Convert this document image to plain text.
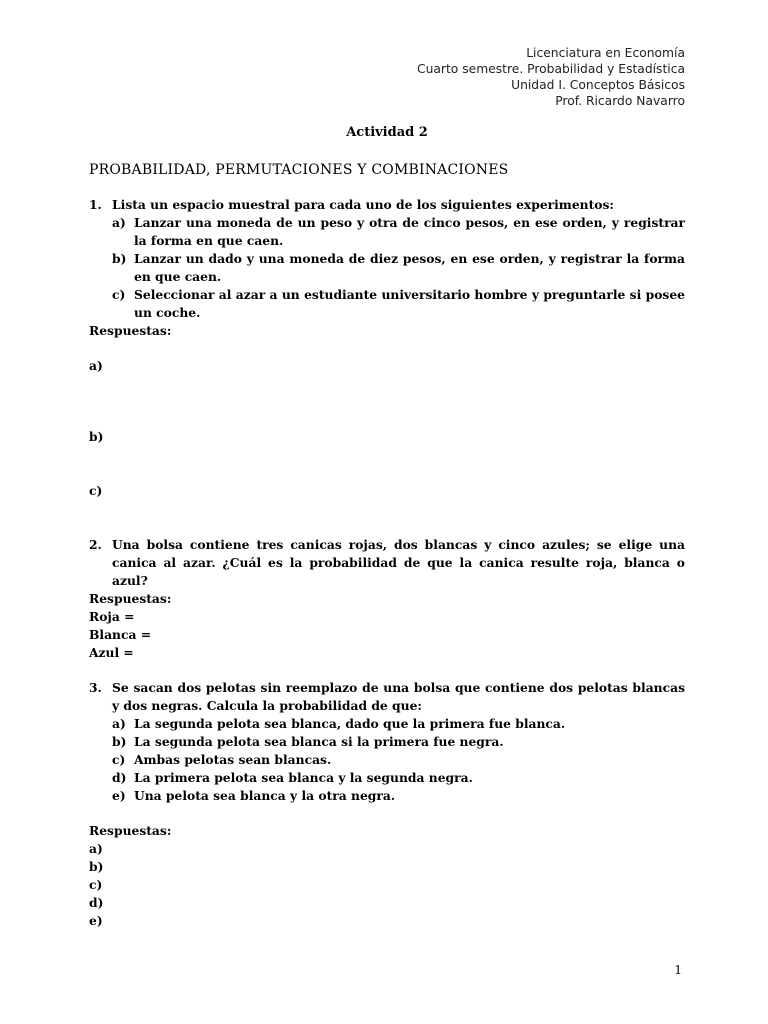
Licenciatura en Economía
Cuarto semestre. Probabilidad y Estadística
Unidad I. Conceptos Básicos
Prof. Ricardo Navarro
Actividad 2
PROBABILIDAD, PERMUTACIONES Y COMBINACIONES
1. Lista un espacio muestral para cada uno de los siguientes experimentos:
a) Lanzar una moneda de un peso y otra de cinco pesos, en ese orden, y registrar la forma en que caen.
b) Lanzar un dado y una moneda de diez pesos, en ese orden, y registrar la forma en que caen.
c) Seleccionar al azar a un estudiante universitario hombre y preguntarle si posee un coche.
Respuestas:
a)
b)
c)
2. Una bolsa contiene tres canicas rojas, dos blancas y cinco azules; se elige una canica al azar. ¿Cuál es la probabilidad de que la canica resulte roja, blanca o azul?
Respuestas:
Roja =
Blanca =
Azul =
3. Se sacan dos pelotas sin reemplazo de una bolsa que contiene dos pelotas blancas y dos negras. Calcula la probabilidad de que:
a) La segunda pelota sea blanca, dado que la primera fue blanca.
b) La segunda pelota sea blanca si la primera fue negra.
c) Ambas pelotas sean blancas.
d) La primera pelota sea blanca y la segunda negra.
e) Una pelota sea blanca y la otra negra.
Respuestas:
a)
b)
c)
d)
e)
1
